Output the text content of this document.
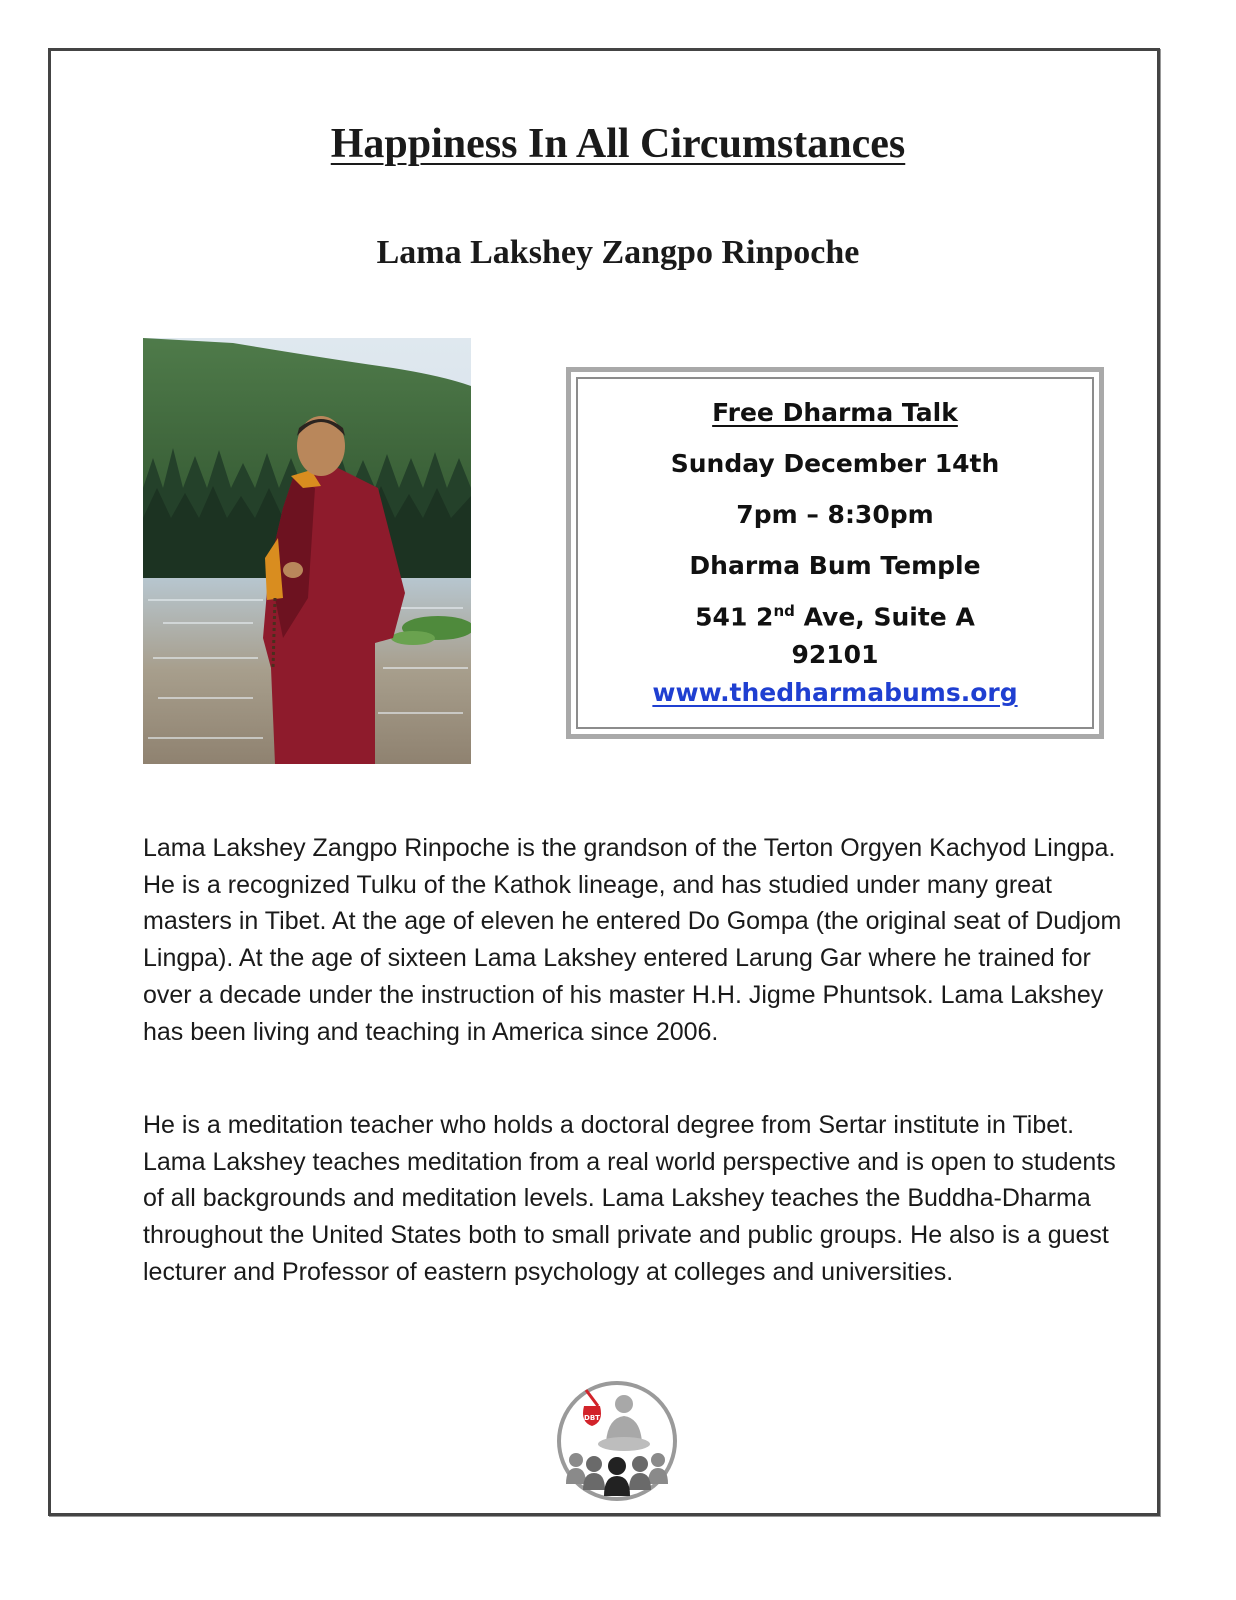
Happiness In All Circumstances
Lama Lakshey Zangpo Rinpoche
Free Dharma Talk
Sunday December 14th
7pm – 8:30pm
Dharma Bum Temple
541 2nd Ave, Suite A
92101
www.thedharmabums.org

Lama Lakshey Zangpo Rinpoche is the grandson of the Terton Orgyen Kachyod Lingpa. He is a recognized Tulku of the Kathok lineage, and has studied under many great masters in Tibet. At the age of eleven he entered Do Gompa (the original seat of Dudjom Lingpa). At the age of sixteen Lama Lakshey entered Larung Gar where he trained for over a decade under the instruction of his master H.H. Jigme Phuntsok. Lama Lakshey has been living and teaching in America since 2006.

He is a meditation teacher who holds a doctoral degree from Sertar institute in Tibet. Lama Lakshey teaches meditation from a real world perspective and is open to students of all backgrounds and meditation levels. Lama Lakshey teaches the Buddha-Dharma throughout the United States both to small private and public groups. He also is a guest lecturer and Professor of eastern psychology at colleges and universities.

DBT
